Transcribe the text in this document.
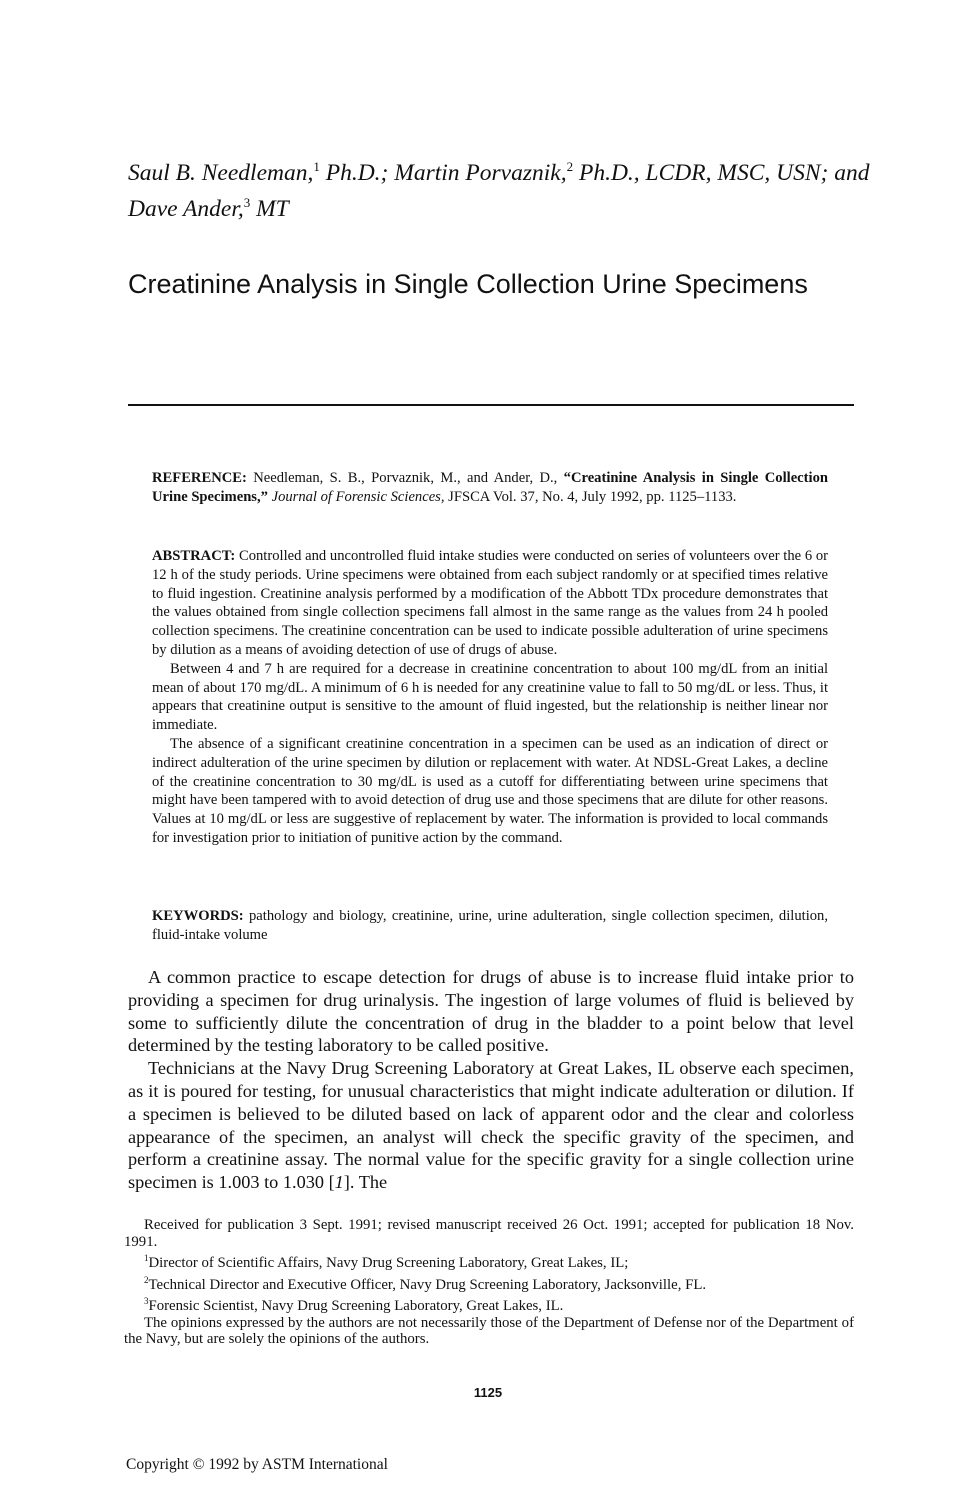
Saul B. Needleman,$^1$ Ph.D.; Martin Porvaznik,$^2$ Ph.D., LCDR, MSC, USN; and Dave Ander,$^3$ MT
Creatinine Analysis in Single Collection Urine Specimens
REFERENCE: Needleman, S. B., Porvaznik, M., and Ander, D., “Creatinine Analysis in Single Collection Urine Specimens,” Journal of Forensic Sciences, JFSCA Vol. 37, No. 4, July 1992, pp. 1125–1133.
ABSTRACT: Controlled and uncontrolled fluid intake studies were conducted on series of volunteers over the 6 or 12 h of the study periods. Urine specimens were obtained from each subject randomly or at specified times relative to fluid ingestion. Creatinine analysis performed by a modification of the Abbott TDx procedure demonstrates that the values obtained from single collection specimens fall almost in the same range as the values from 24 h pooled collection specimens. The creatinine concentration can be used to indicate possible adulteration of urine specimens by dilution as a means of avoiding detection of use of drugs of abuse.
Between 4 and 7 h are required for a decrease in creatinine concentration to about 100 mg/dL from an initial mean of about 170 mg/dL. A minimum of 6 h is needed for any creatinine value to fall to 50 mg/dL or less. Thus, it appears that creatinine output is sensitive to the amount of fluid ingested, but the relationship is neither linear nor immediate.
The absence of a significant creatinine concentration in a specimen can be used as an indication of direct or indirect adulteration of the urine specimen by dilution or replacement with water. At NDSL-Great Lakes, a decline of the creatinine concentration to 30 mg/dL is used as a cutoff for differentiating between urine specimens that might have been tampered with to avoid detection of drug use and those specimens that are dilute for other reasons. Values at 10 mg/dL or less are suggestive of replacement by water. The information is provided to local commands for investigation prior to initiation of punitive action by the command.
KEYWORDS: pathology and biology, creatinine, urine, urine adulteration, single collection specimen, dilution, fluid-intake volume

A common practice to escape detection for drugs of abuse is to increase fluid intake prior to providing a specimen for drug urinalysis. The ingestion of large volumes of fluid is believed by some to sufficiently dilute the concentration of drug in the bladder to a point below that level determined by the testing laboratory to be called positive.

Technicians at the Navy Drug Screening Laboratory at Great Lakes, IL observe each specimen, as it is poured for testing, for unusual characteristics that might indicate adulteration or dilution. If a specimen is believed to be diluted based on lack of apparent odor and the clear and colorless appearance of the specimen, an analyst will check the specific gravity of the specimen, and perform a creatinine assay. The normal value for the specific gravity for a single collection urine specimen is 1.003 to 1.030 [1]. The

Received for publication 3 Sept. 1991; revised manuscript received 26 Oct. 1991; accepted for publication 18 Nov. 1991.

$^1$Director of Scientific Affairs, Navy Drug Screening Laboratory, Great Lakes, IL;

$^2$Technical Director and Executive Officer, Navy Drug Screening Laboratory, Jacksonville, FL.

$^3$Forensic Scientist, Navy Drug Screening Laboratory, Great Lakes, IL.

The opinions expressed by the authors are not necessarily those of the Department of Defense nor of the Department of the Navy, but are solely the opinions of the authors.

1125
Copyright © 1992 by ASTM International
